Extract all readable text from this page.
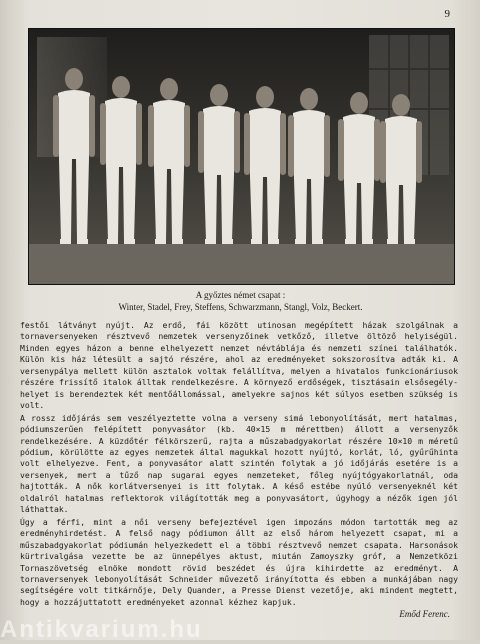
9
A győztes német csapat :
Winter, Stadel, Frey, Steffens, Schwarzmann, Stangl, Volz, Beckert.

festői látványt nyújt. Az erdő, fái között utinosan megépített házak szolgálnak a tornaversenyeken résztvevő nemzetek versenyzőinek vetkőző, illetve öltöző helyiségül. Minden egyes házon a benne elhelyezett nemzet névtáblája és nemzeti színei találhatók. Külön kis ház létesült a sajtó részére, ahol az eredményeket sokszorosítva adták ki. A versenypálya mellett külön asztalok voltak felállítva, melyen a hivatalos funkcionáriusok részére frissítő italok álltak rendelkezésre. A környező erdőségek, tisztásain elsősegély-helyet is berendeztek két mentőállomással, amelyekre sajnos két súlyos esetben szükség is volt.

A rossz időjárás sem veszélyeztette volna a verseny simá lebonyolítását, mert hatalmas, pódiumszerűen felépített ponyvasátor (kb. 40×15 m mérettben) állott a versenyzők rendelkezésére. A küzdőtér félkörszerű, rajta a műszabadgyakorlat részére 10×10 m méretű pódium, körülötte az egyes nemzetek által magukkal hozott nyújtó, korlát, ló, gyűrűhinta volt elhelyezve. Fent, a ponyvasátor alatt szintén folytak a jó időjárás esetére is a versenyek, mert a tűző nap sugarai egyes nemzeteket, főleg nyújtógyakorlatnál, oda hajtották. A nők korlátversenyei is itt folytak. A késő estébe nyúló versenyeknél két oldalról hatalmas reflektorok világították meg a ponyvasátort, úgyhogy a nézők igen jól láthattak.

Úgy a férfi, mint a női verseny befejeztével igen impozáns módon tartották meg az eredményhirdetést. A felső nagy pódiumon állt az első három helyezett csapat, mi a műszabadgyakorlat pódiumán helyezkedett el a többi résztvevő nemzet csapata. Harsonások kürtrivalgása vezette be az ünnepélyes aktust, miután Zamoyszky gróf, a Nemzetközi Tornaszövetség elnöke mondott rövid beszédet és újra kihirdette az eredményt. A tornaversenyek lebonyolítását Schneider művezető irányította és ebben a munkájában nagy segítségére volt titkárnője, Dely Quander, a Presse Dienst vezetője, aki mindent megtett, hogy a hozzájuttatott eredményeket azonnal kézhez kapjuk.

Emőd Ferenc.
Antikvarium.hu
